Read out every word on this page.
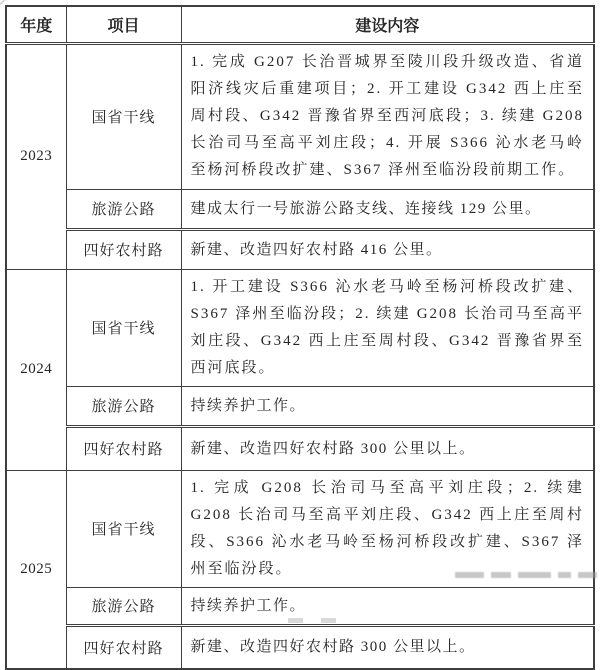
年度	项目	建设内容
2023	国省干线	1. 完成 G207 长治晋城界至陵川段升级改造、省道阳济线灾后重建项目；2. 开工建设 G342 西上庄至周村段、G342 晋豫省界至西河底段；3. 续建 G208 长治司马至高平刘庄段；4. 开展 S366 沁水老马岭至杨河桥段改扩建、S367 泽州至临汾段前期工作。

	旅游公路	建成太行一号旅游公路支线、连接线 129 公里。

	四好农村路	新建、改造四好农村路 416 公里。

2024	国省干线	1. 开工建设 S366 沁水老马岭至杨河桥段改扩建、S367 泽州至临汾段；2. 续建 G208 长治司马至高平刘庄段、G342 西上庄至周村段、G342 晋豫省界至西河底段。

	旅游公路	持续养护工作。

	四好农村路	新建、改造四好农村路 300 公里以上。

2025	国省干线	1. 完成 G208 长治司马至高平刘庄段；2. 续建 G208 长治司马至高平刘庄段、G342 西上庄至周村段、S366 沁水老马岭至杨河桥段改扩建、S367 泽州至临汾段。

	旅游公路	持续养护工作。

	四好农村路	新建、改造四好农村路 300 公里以上。
